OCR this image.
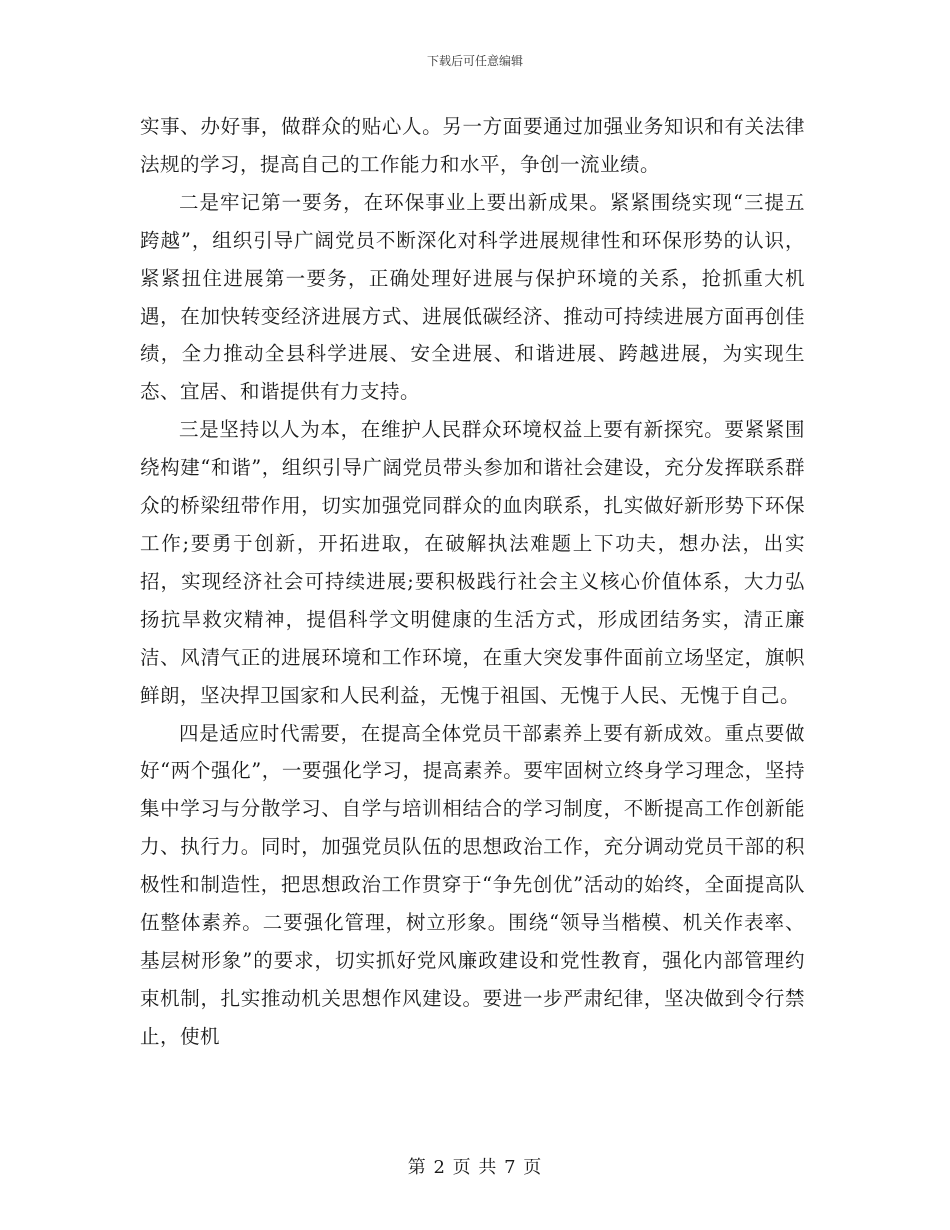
下载后可任意编辑

实事、办好事，做群众的贴心人。另一方面要通过加强业务知识和有关法律法规的学习，提高自己的工作能力和水平，争创一流业绩。

二是牢记第一要务，在环保事业上要出新成果。紧紧围绕实现“三提五跨越”，组织引导广阔党员不断深化对科学进展规律性和环保形势的认识，紧紧扭住进展第一要务，正确处理好进展与保护环境的关系，抢抓重大机遇，在加快转变经济进展方式、进展低碳经济、推动可持续进展方面再创佳绩，全力推动全县科学进展、安全进展、和谐进展、跨越进展，为实现生态、宜居、和谐提供有力支持。

三是坚持以人为本，在维护人民群众环境权益上要有新探究。要紧紧围绕构建“和谐”，组织引导广阔党员带头参加和谐社会建设，充分发挥联系群众的桥梁纽带作用，切实加强党同群众的血肉联系，扎实做好新形势下环保工作;要勇于创新，开拓进取，在破解执法难题上下功夫，想办法，出实招，实现经济社会可持续进展;要积极践行社会主义核心价值体系，大力弘扬抗旱救灾精神，提倡科学文明健康的生活方式，形成团结务实，清正廉洁、风清气正的进展环境和工作环境，在重大突发事件面前立场坚定，旗帜鲜朗，坚决捍卫国家和人民利益，无愧于祖国、无愧于人民、无愧于自己。

四是适应时代需要，在提高全体党员干部素养上要有新成效。重点要做好“两个强化”，一要强化学习，提高素养。要牢固树立终身学习理念，坚持集中学习与分散学习、自学与培训相结合的学习制度，不断提高工作创新能力、执行力。同时，加强党员队伍的思想政治工作，充分调动党员干部的积极性和制造性，把思想政治工作贯穿于“争先创优”活动的始终，全面提高队伍整体素养。二要强化管理，树立形象。围绕“领导当楷模、机关作表率、基层树形象”的要求，切实抓好党风廉政建设和党性教育，强化内部管理约束机制，扎实推动机关思想作风建设。要进一步严肃纪律，坚决做到令行禁止，使机

第 2 页 共 7 页
